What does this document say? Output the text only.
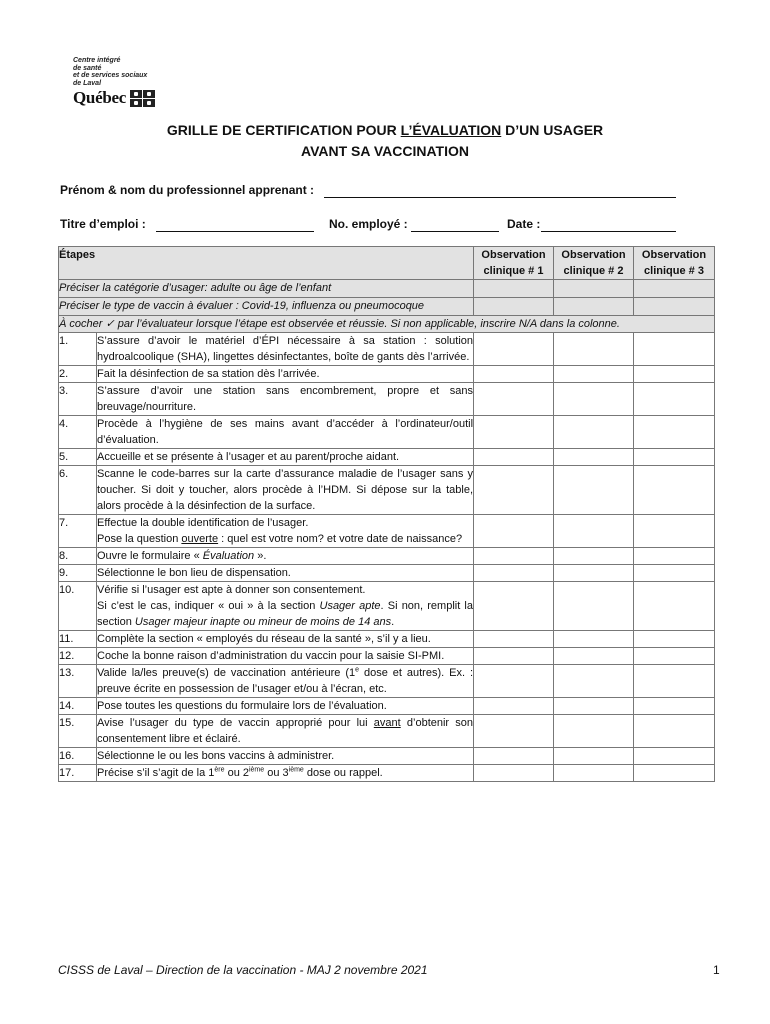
Centre intégré
de santé
et de services sociaux
de Laval
Québec
GRILLE DE CERTIFICATION POUR L’ÉVALUATION D’UN USAGER
AVANT SA VACCINATION
Prénom & nom du professionnel apprenant :
Titre d’emploi :	No. employé :	Date :
Étapes		Observation clinique # 1	Observation clinique # 2	Observation clinique # 3
Préciser la catégorie d’usager: adulte ou âge de l’enfant				
Préciser le type de vaccin à évaluer : Covid-19, influenza ou pneumocoque				
À cocher ✓ par l’évaluateur lorsque l’étape est observée et réussie. Si non applicable, inscrire N/A dans la colonne.				
1.	S’assure d’avoir le matériel d’ÉPI nécessaire à sa station : solution hydroalcoolique (SHA), lingettes désinfectantes, boîte de gants dès l’arrivée.			
2.	Fait la désinfection de sa station dès l’arrivée.			
3.	S’assure d’avoir une station sans encombrement, propre et sans breuvage/nourriture.			
4.	Procède à l’hygiène de ses mains avant d’accéder à l’ordinateur/outil d’évaluation.			
5.	Accueille et se présente à l’usager et au parent/proche aidant.			
6.	Scanne le code-barres sur la carte d’assurance maladie de l’usager sans y toucher. Si doit y toucher, alors procède à l’HDM. Si dépose sur la table, alors procède à la désinfection de la surface.			
7.	Effectue la double identification de l’usager.
Pose la question ouverte : quel est votre nom? et votre date de naissance?			

8.	Ouvre le formulaire « Évaluation ».			
9.	Sélectionne le bon lieu de dispensation.			
10.	Vérifie si l’usager est apte à donner son consentement.
Si c’est le cas, indiquer « oui » à la section Usager apte. Si non, remplit la section Usager majeur inapte ou mineur de moins de 14 ans.			

11.	Complète la section « employés du réseau de la santé », s’il y a lieu.			
12.	Coche la bonne raison d’administration du vaccin pour la saisie SI-PMI.			
13.	Valide la/les preuve(s) de vaccination antérieure (1e dose et autres). Ex. : preuve écrite en possession de l’usager et/ou à l’écran, etc.			
14.	Pose toutes les questions du formulaire lors de l’évaluation.			
15.	Avise l’usager du type de vaccin approprié pour lui avant d’obtenir son consentement libre et éclairé.			
16.	Sélectionne le ou les bons vaccins à administrer.			
17.	Précise s’il s’agit de la 1ère ou 2ième ou 3ième dose ou rappel.			
CISSS de Laval – Direction de la vaccination - MAJ 2 novembre 2021	1
